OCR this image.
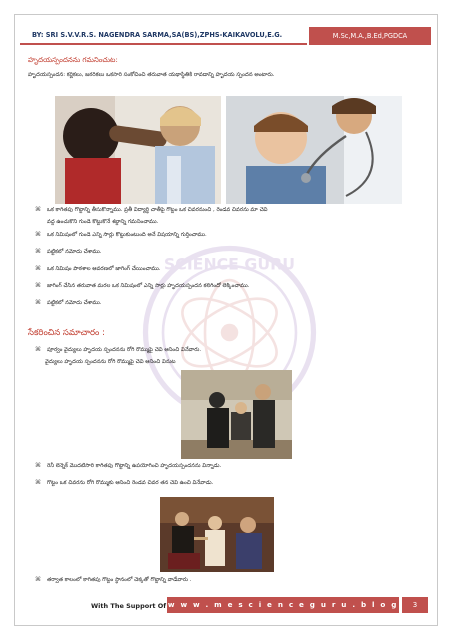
BY: SRI S.V.V.R.S. NAGENDRA SARMA,SA(BS),ZPHS-KAIKAVOLU,E.G.	M.Sc,M.A.,B.Ed,PGDCA
SCIENCE GURU
హృదయస్పందనను గమనించుట:
హృదయస్పందన: కర్ణికలు, జఠరికలు ఒకసారి సంకోచించి తరువాత యథాస్థితికి రావడాన్ని హృదయ స్పందన అంటారు.
⌘ ఒక కాగితపు గొట్టాన్ని తీసుకొన్నాము. ప్రతీ విద్యార్థి చాతీపై గొట్టం ఒక చివరనుంచి , రెండవ చివరను మా చెవి
వద్ద ఉంచుకొని గుండె కొట్టుకొనే శబ్దాన్ని గమనించాము.
⌘ ఒక నిమిషంలో గుండె ఎన్ని సార్లు కొట్టుకుంటుంది అనే విషయాన్ని గుర్తించాము.
⌘ పట్టికలో నమోదు చేశాము.
⌘ ఒక నిమిషం పాఠశాల ఆవరణలో జాగింగ్ చేయించాము.
⌘ జాగింగ్ చేసిన తరువాత మరల ఒక నిమిషంలో ఎన్ని సార్లు హృదయస్పందన కలిగిందో లెక్కించాము.
⌘ పట్టికలో నమోదు చేశాము.
సేకరించిన సమాచారం :
⌘ పూర్వం వైద్యులు హృదయ స్పందనను రోగి రొమ్ముపై చెవి ఆనించి వినేవారు.
వైద్యులు హృదయ స్పందనను రోగి రొమ్ముపై చెవి ఆనించి వినుట
⌘ రెనీ లెన్నెక్ మొదటిసారి కాగితపు గొట్టాన్ని ఉపయోగించి హృదయస్పందనను విన్నాడు.
⌘ గొట్టం ఒక చివరను రోగి రొమ్ముకు ఆనించి రెండవ చివర తన చెవి ఉంచి వినేవాడు.
⌘ తర్వాత కాలంలో కాగితపు గొట్టం స్థానంలో చెక్కతో గొట్టాన్ని వాడేవారు .
With The Support Of w w w . m e s c i e n c e g u r u . b l o g s p o t . i n
3
